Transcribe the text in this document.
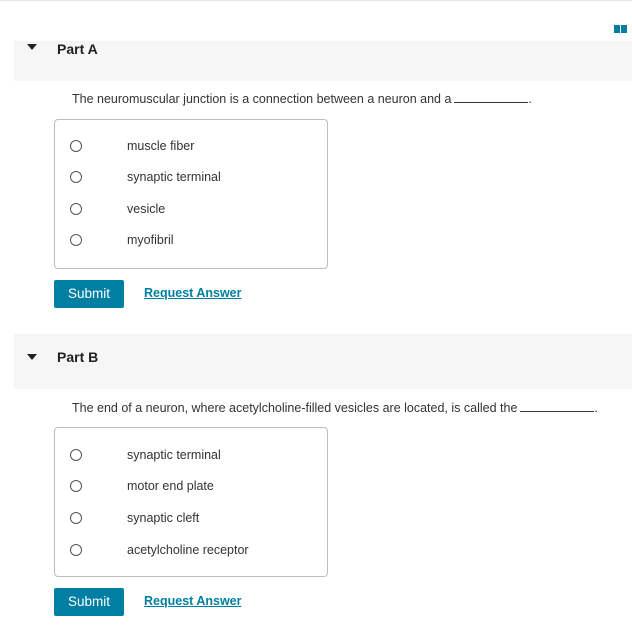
Part A
The neuromuscular junction is a connection between a neuron and a	.
muscle fiber
synaptic terminal
vesicle
myofibril
Submit	Request Answer
Part B
The end of a neuron, where acetylcholine-filled vesicles are located, is called the	.
synaptic terminal
motor end plate
synaptic cleft
acetylcholine receptor
Submit	Request Answer
